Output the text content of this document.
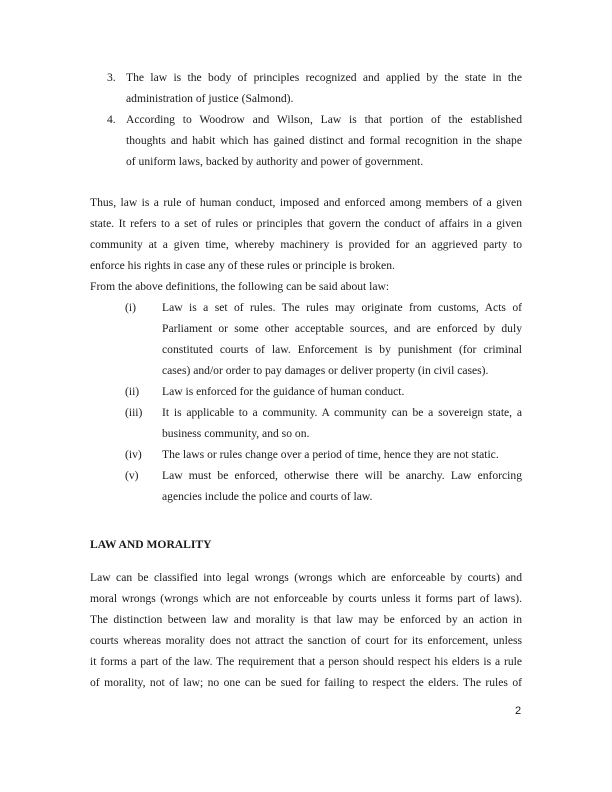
3. The law is the body of principles recognized and applied by the state in the
administration of justice (Salmond).
4. According to Woodrow and Wilson, Law is that portion of the established
thoughts and habit which has gained distinct and formal recognition in the shape
of uniform laws, backed by authority and power of government.
Thus, law is a rule of human conduct, imposed and enforced among members of a given
state. It refers to a set of rules or principles that govern the conduct of affairs in a given
community at a given time, whereby machinery is provided for an aggrieved party to
enforce his rights in case any of these rules or principle is broken.
From the above definitions, the following can be said about law:
(i) Law is a set of rules. The rules may originate from customs, Acts of
Parliament or some other acceptable sources, and are enforced by duly
constituted courts of law. Enforcement is by punishment (for criminal
cases) and/or order to pay damages or deliver property (in civil cases).
(ii) Law is enforced for the guidance of human conduct.
(iii) It is applicable to a community. A community can be a sovereign state, a
business community, and so on.
(iv) The laws or rules change over a period of time, hence they are not static.
(v) Law must be enforced, otherwise there will be anarchy. Law enforcing
agencies include the police and courts of law.
LAW AND MORALITY
Law can be classified into legal wrongs (wrongs which are enforceable by courts) and
moral wrongs (wrongs which are not enforceable by courts unless it forms part of laws).
The distinction between law and morality is that law may be enforced by an action in
courts whereas morality does not attract the sanction of court for its enforcement, unless
it forms a part of the law. The requirement that a person should respect his elders is a rule
of morality, not of law; no one can be sued for failing to respect the elders. The rules of
2
